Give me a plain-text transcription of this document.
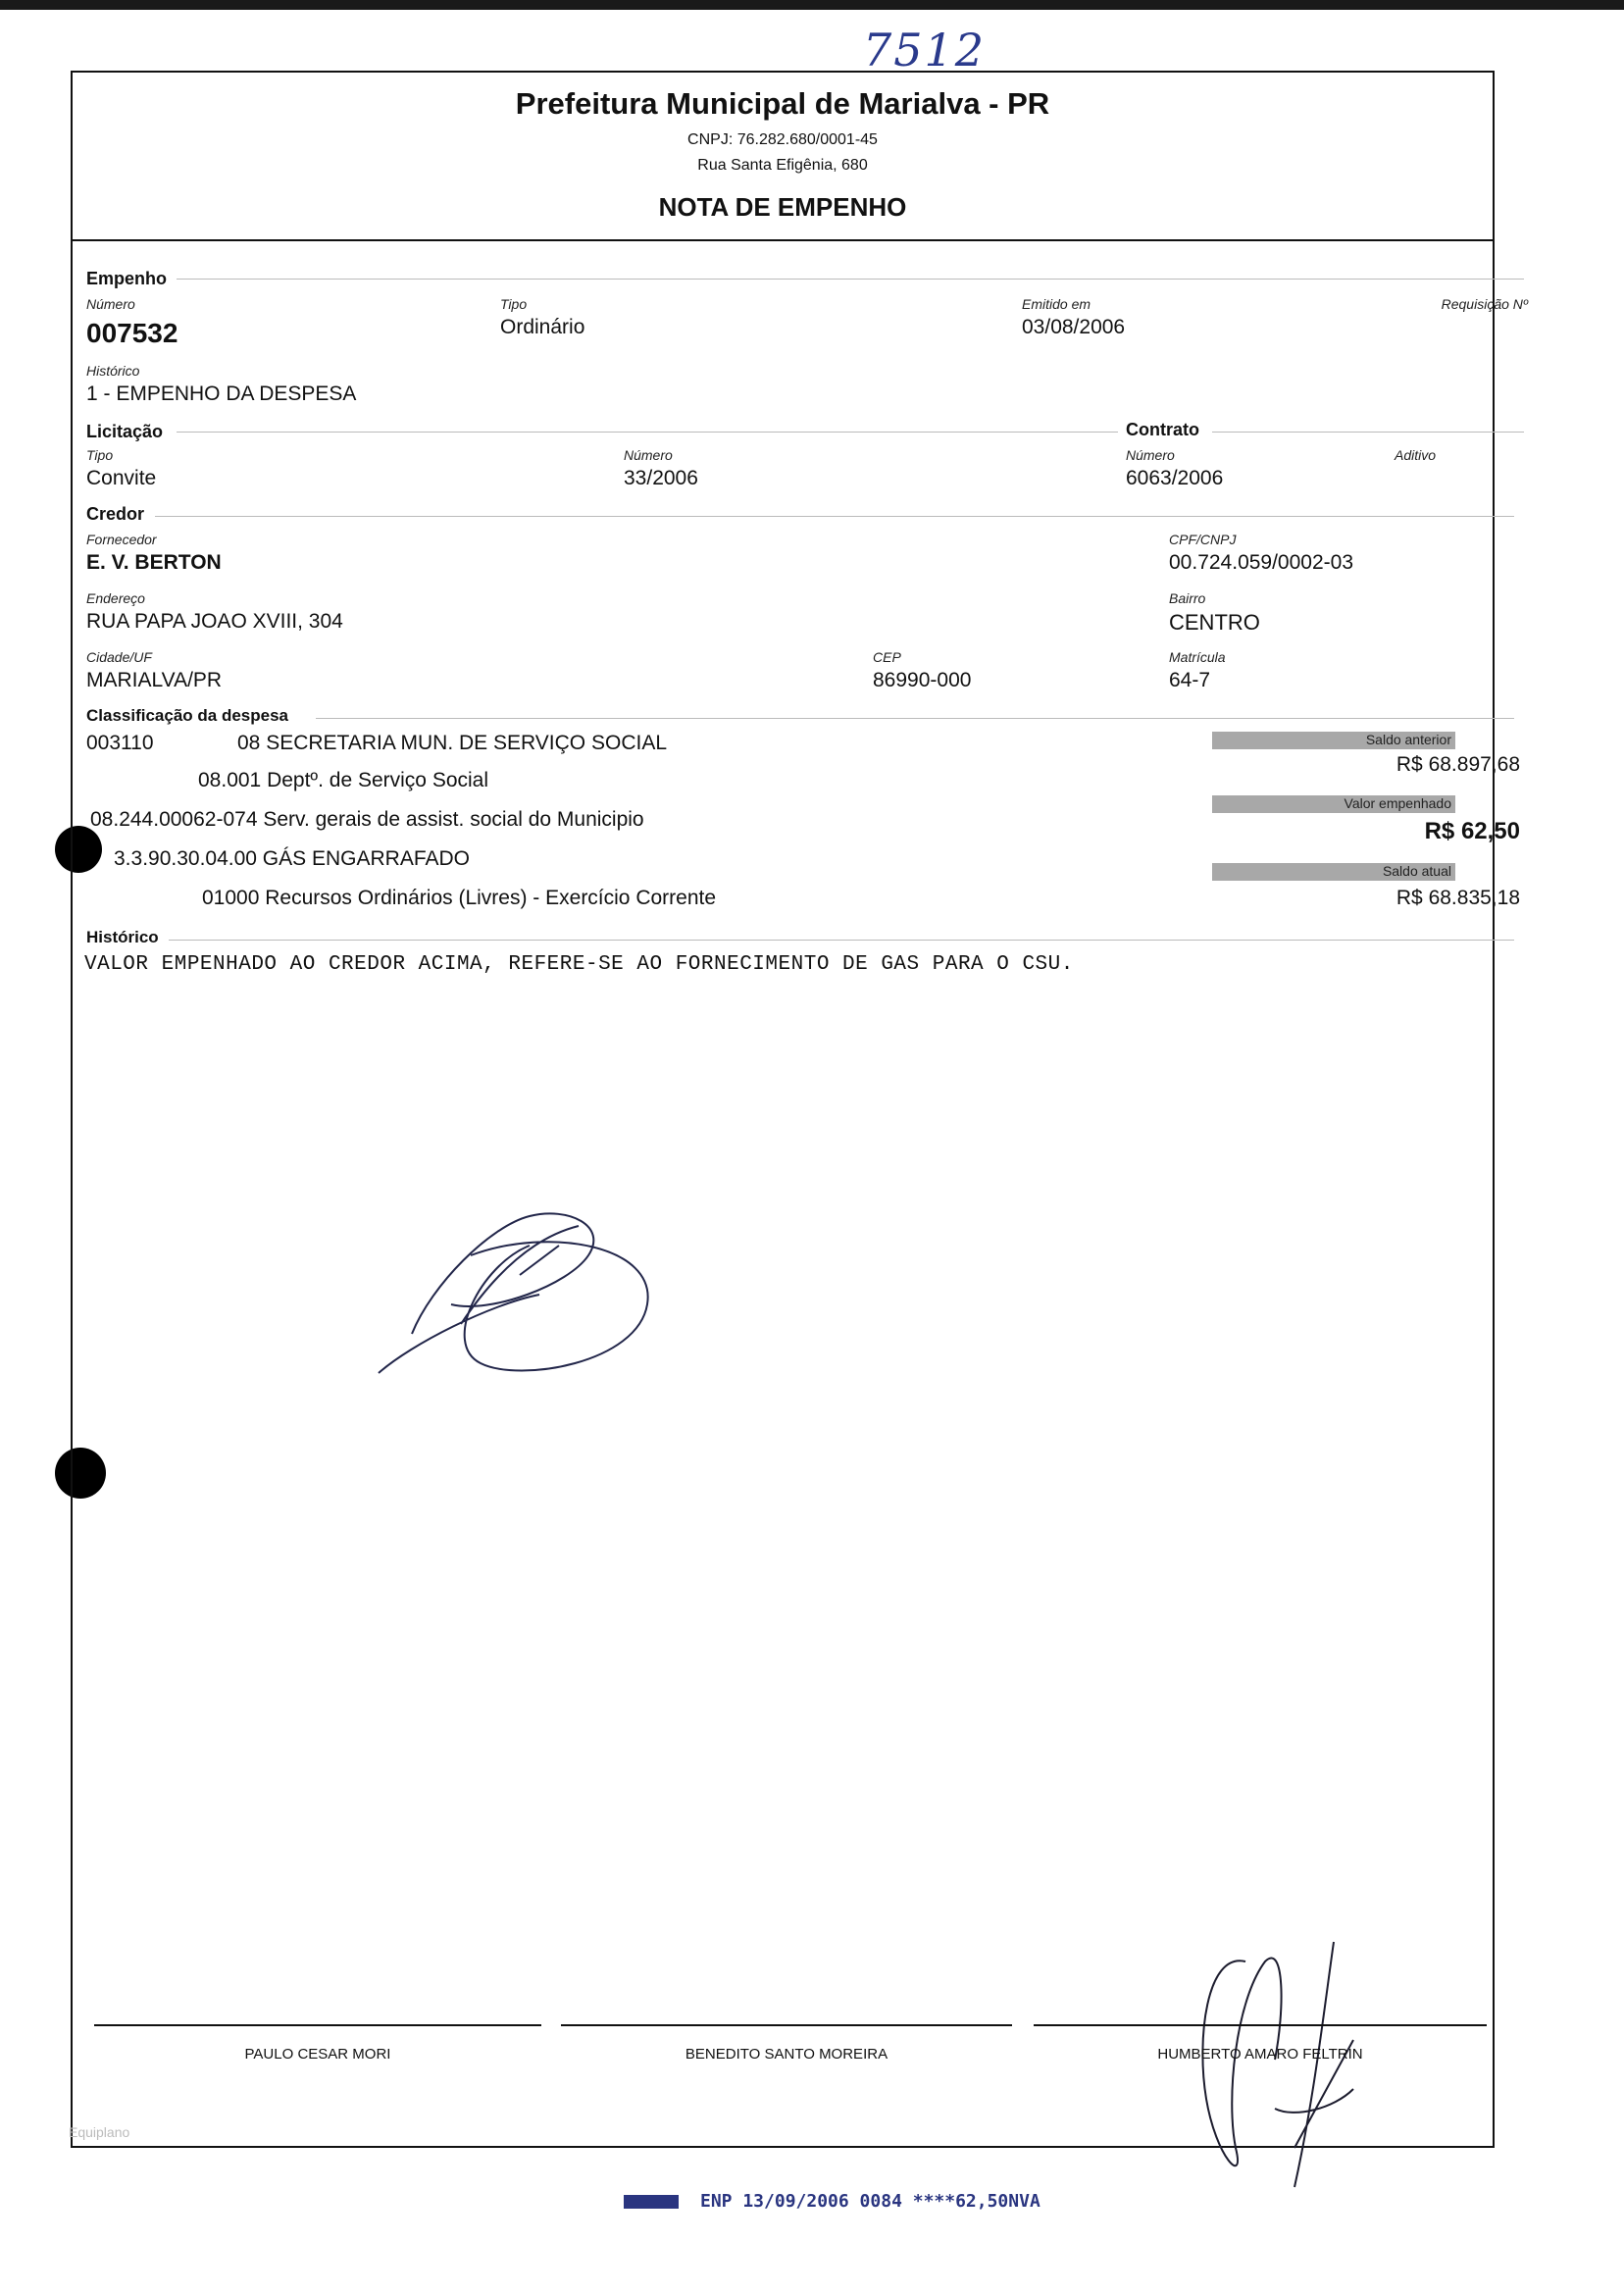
7512
Prefeitura Municipal de Marialva - PR
CNPJ: 76.282.680/0001-45
Rua Santa Efigênia, 680
NOTA DE EMPENHO
Empenho
Número
007532
Tipo
Ordinário
Emitido em
03/08/2006
Requisição Nº
Histórico
1 - EMPENHO DA DESPESA
Licitação	Contrato
Tipo
Convite
Número
33/2006
Número
6063/2006
Aditivo
Credor
Fornecedor
E. V. BERTON
CPF/CNPJ
00.724.059/0002-03
Endereço
RUA PAPA JOAO XVIII, 304
Bairro
CENTRO
Cidade/UF
MARIALVA/PR
CEP
86990-000
Matrícula
64-7
Classificação da despesa
003110	08 SECRETARIA MUN. DE SERVIÇO SOCIAL
08.001 Deptº. de Serviço Social
08.244.00062-074 Serv. gerais de assist. social do Municipio
3.3.90.30.04.00 GÁS ENGARRAFADO
01000 Recursos Ordinários (Livres) - Exercício Corrente
Saldo anterior
R$ 68.897,68
Valor empenhado
R$ 62,50
Saldo atual
R$ 68.835,18
Histórico
VALOR EMPENHADO AO CREDOR ACIMA, REFERE-SE AO FORNECIMENTO DE GAS PARA O CSU.
PAULO CESAR MORI	BENEDITO SANTO MOREIRA	HUMBERTO AMARO FELTRIN
Equiplano
ENP 13/09/2006 0084 ****62,50NVA
